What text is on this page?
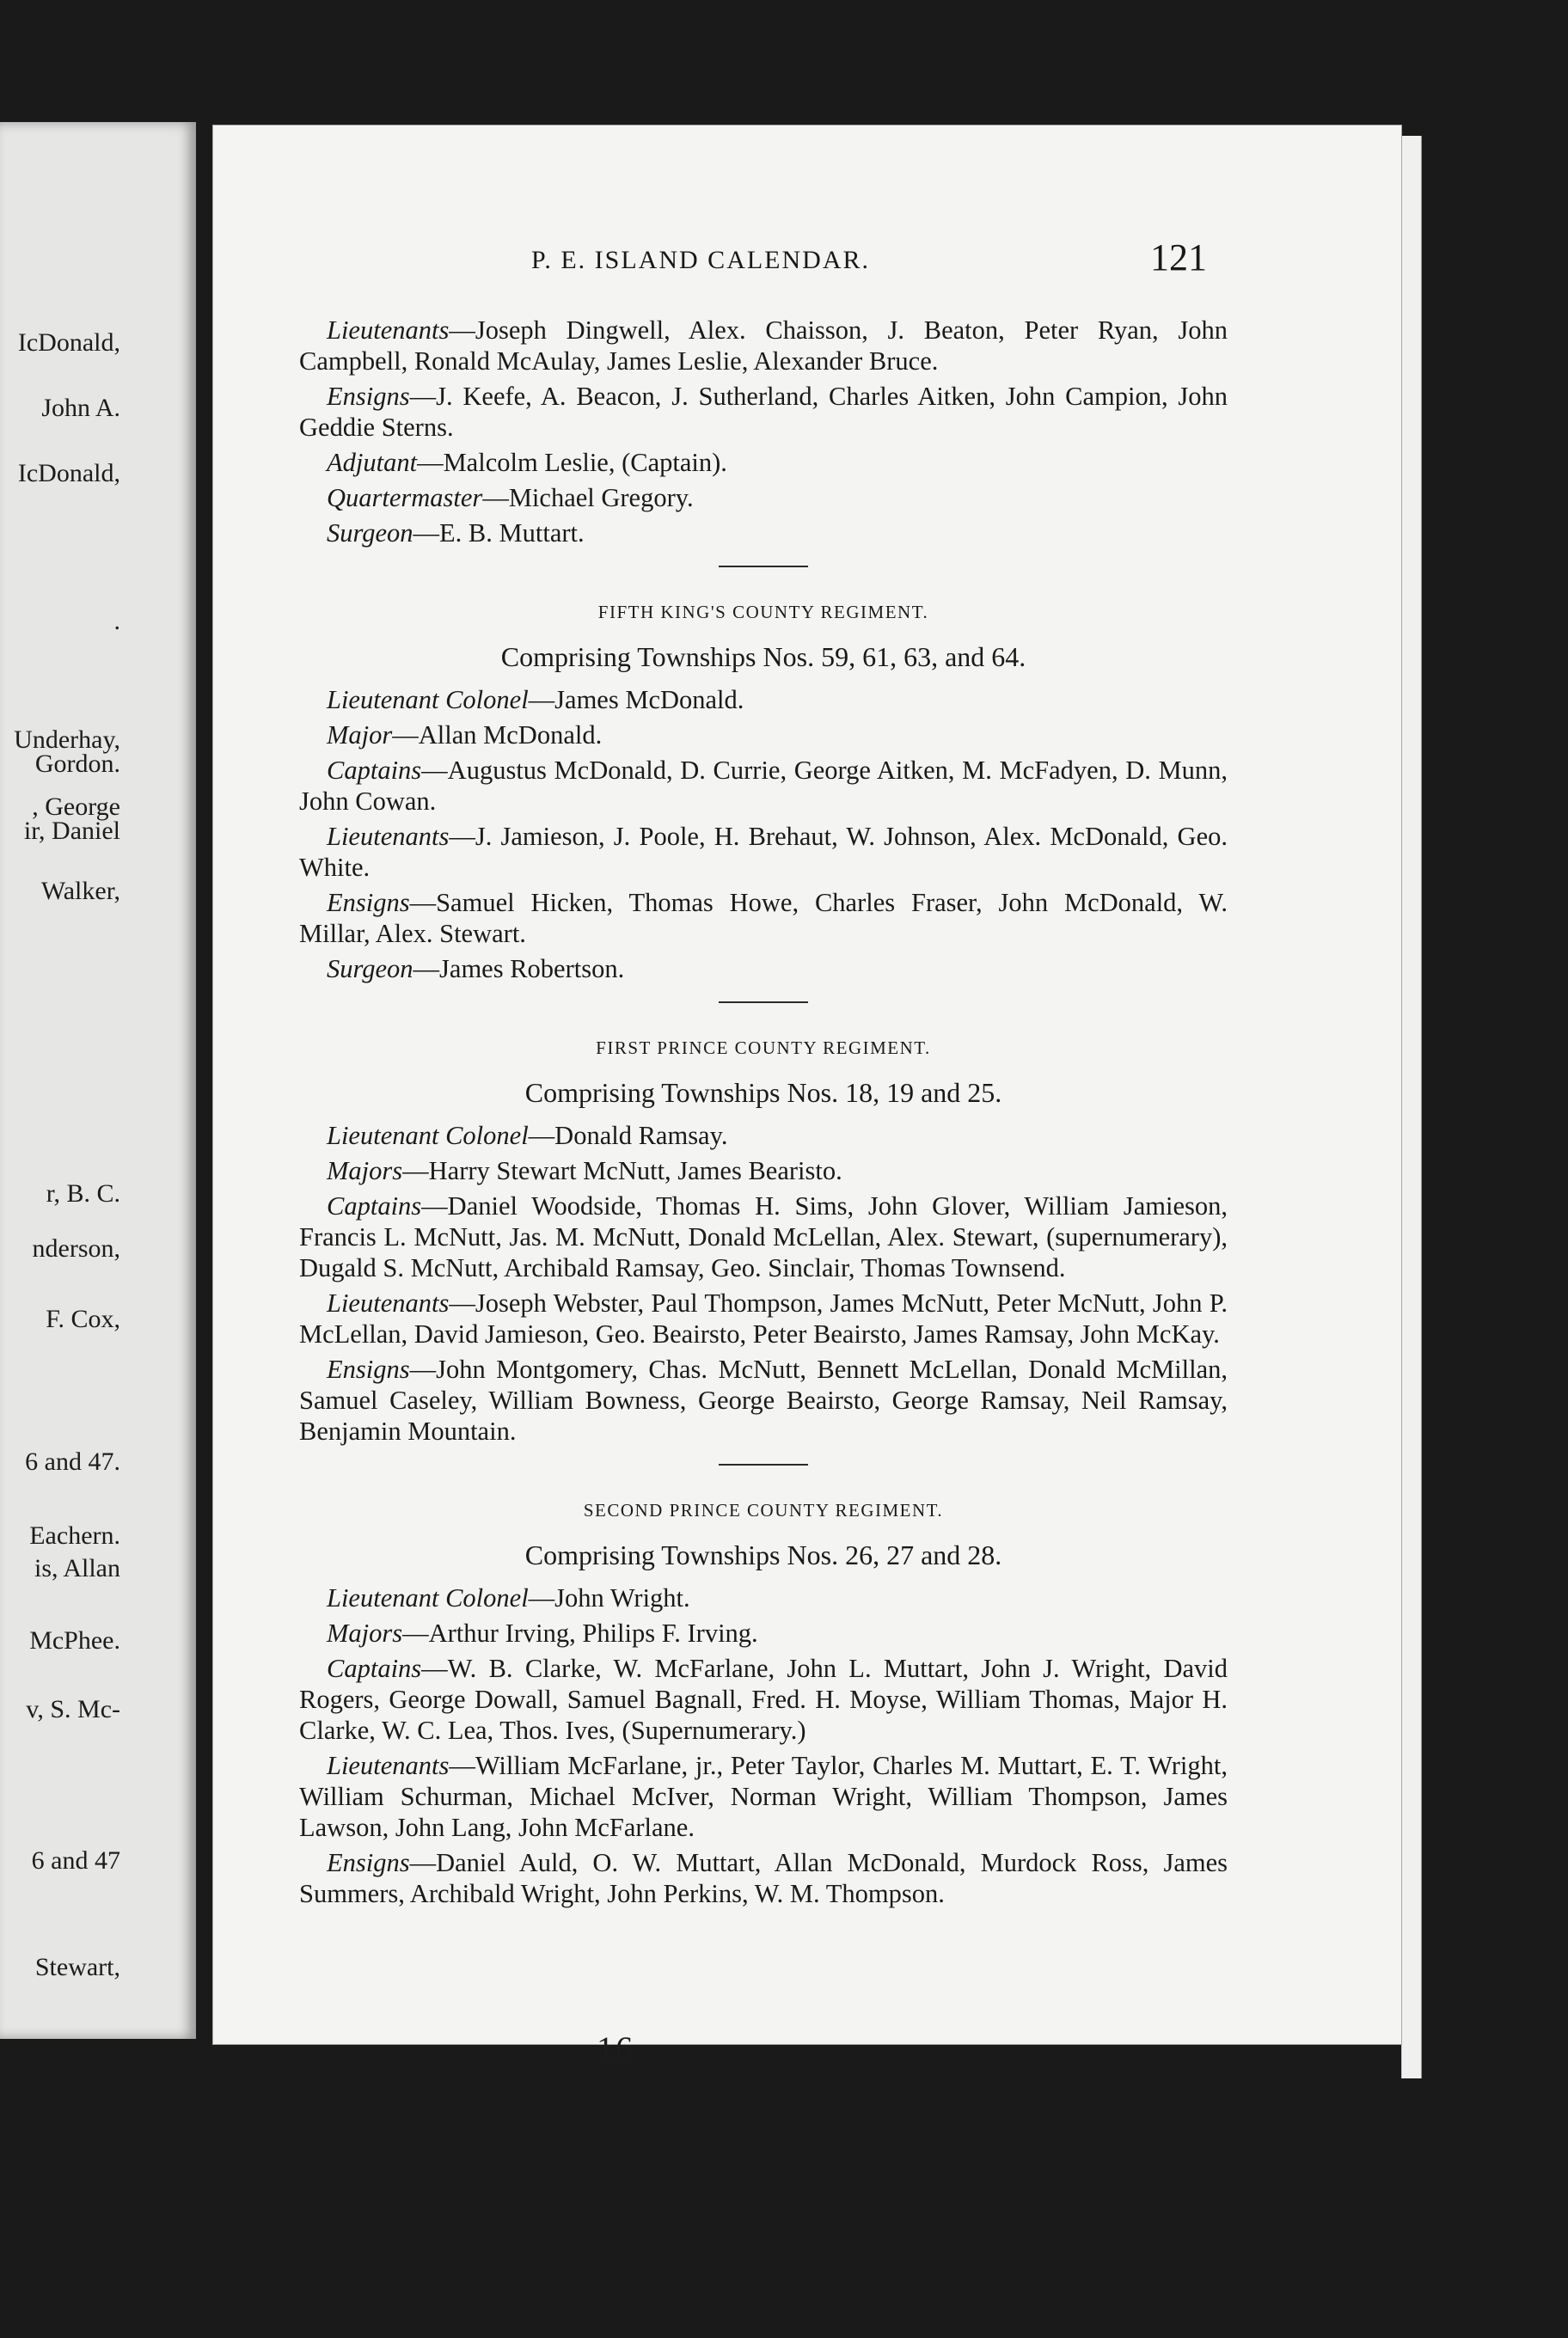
IcDonald,
John A.
IcDonald,
.
Underhay,
Gordon.
, George
ir, Daniel
Walker,
r, B. C.
nderson,
F. Cox,
6 and 47.
Eachern.
is, Allan
McPhee.
v, S. Mc-
6 and 47
Stewart,
P. E. ISLAND CALENDAR.	121

Lieutenants—Joseph Dingwell, Alex. Chaisson, J. Beaton, Peter Ryan, John Campbell, Ronald McAulay, James Leslie, Alexander Bruce.

Ensigns—J. Keefe, A. Beacon, J. Sutherland, Charles Aitken, John Campion, John Geddie Sterns.

Adjutant—Malcolm Leslie, (Captain).

Quartermaster—Michael Gregory.

Surgeon—E. B. Muttart.

FIFTH KING'S COUNTY REGIMENT.
Comprising Townships Nos. 59, 61, 63, and 64.

Lieutenant Colonel—James McDonald.

Major—Allan McDonald.

Captains—Augustus McDonald, D. Currie, George Aitken, M. McFadyen, D. Munn, John Cowan.

Lieutenants—J. Jamieson, J. Poole, H. Brehaut, W. Johnson, Alex. McDonald, Geo. White.

Ensigns—Samuel Hicken, Thomas Howe, Charles Fraser, John McDonald, W. Millar, Alex. Stewart.

Surgeon—James Robertson.

FIRST PRINCE COUNTY REGIMENT.
Comprising Townships Nos. 18, 19 and 25.

Lieutenant Colonel—Donald Ramsay.

Majors—Harry Stewart McNutt, James Bearisto.

Captains—Daniel Woodside, Thomas H. Sims, John Glover, William Jamieson, Francis L. McNutt, Jas. M. McNutt, Donald McLellan, Alex. Stewart, (supernumerary), Dugald S. McNutt, Archibald Ramsay, Geo. Sinclair, Thomas Townsend.

Lieutenants—Joseph Webster, Paul Thompson, James McNutt, Peter McNutt, John P. McLellan, David Jamieson, Geo. Beairsto, Peter Beairsto, James Ramsay, John McKay.

Ensigns—John Montgomery, Chas. McNutt, Bennett McLellan, Donald McMillan, Samuel Caseley, William Bowness, George Beairsto, George Ramsay, Neil Ramsay, Benjamin Mountain.

SECOND PRINCE COUNTY REGIMENT.
Comprising Townships Nos. 26, 27 and 28.

Lieutenant Colonel—John Wright.

Majors—Arthur Irving, Philips F. Irving.

Captains—W. B. Clarke, W. McFarlane, John L. Muttart, John J. Wright, David Rogers, George Dowall, Samuel Bagnall, Fred. H. Moyse, William Thomas, Major H. Clarke, W. C. Lea, Thos. Ives, (Supernumerary.)

Lieutenants—William McFarlane, jr., Peter Taylor, Charles M. Muttart, E. T. Wright, William Schurman, Michael McIver, Norman Wright, William Thompson, James Lawson, John Lang, John McFarlane.

Ensigns—Daniel Auld, O. W. Muttart, Allan McDonald, Murdock Ross, James Summers, Archibald Wright, John Perkins, W. M. Thompson.

16
